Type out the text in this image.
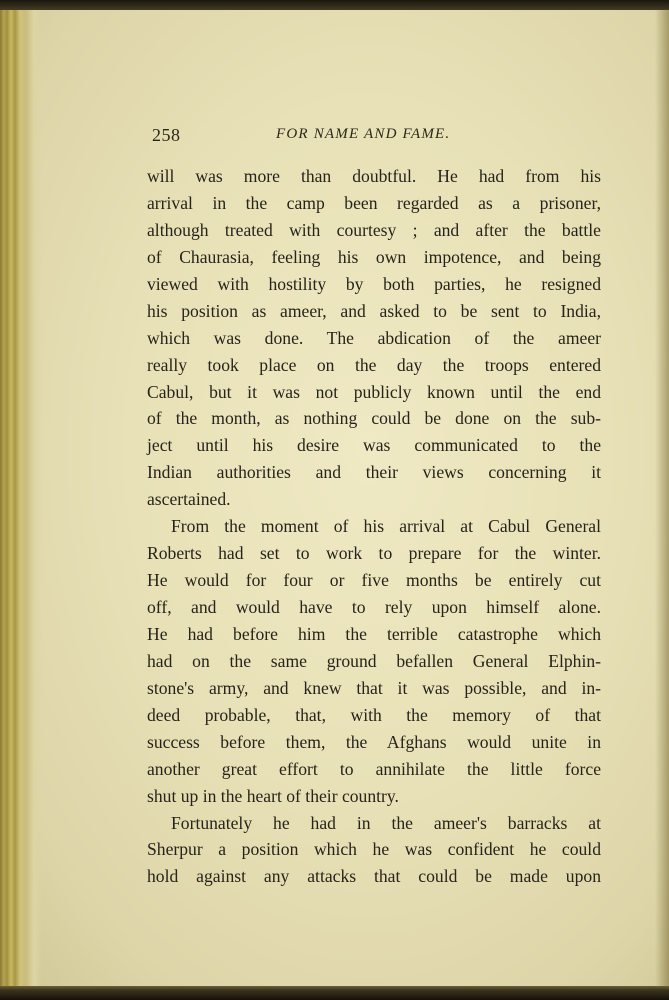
258	FOR NAME AND FAME.
will was more than doubtful. He had from his
arrival in the camp been regarded as a prisoner,
although treated with courtesy ; and after the battle
of Chaurasia, feeling his own impotence, and being
viewed with hostility by both parties, he resigned
his position as ameer, and asked to be sent to India,
which was done. The abdication of the ameer
really took place on the day the troops entered
Cabul, but it was not publicly known until the end
of the month, as nothing could be done on the sub-
ject until his desire was communicated to the
Indian authorities and their views concerning it
ascertained.
From the moment of his arrival at Cabul General
Roberts had set to work to prepare for the winter.
He would for four or five months be entirely cut
off, and would have to rely upon himself alone.
He had before him the terrible catastrophe which
had on the same ground befallen General Elphin-
stone's army, and knew that it was possible, and in-
deed probable, that, with the memory of that
success before them, the Afghans would unite in
another great effort to annihilate the little force
shut up in the heart of their country.
Fortunately he had in the ameer's barracks at
Sherpur a position which he was confident he could
hold against any attacks that could be made upon
